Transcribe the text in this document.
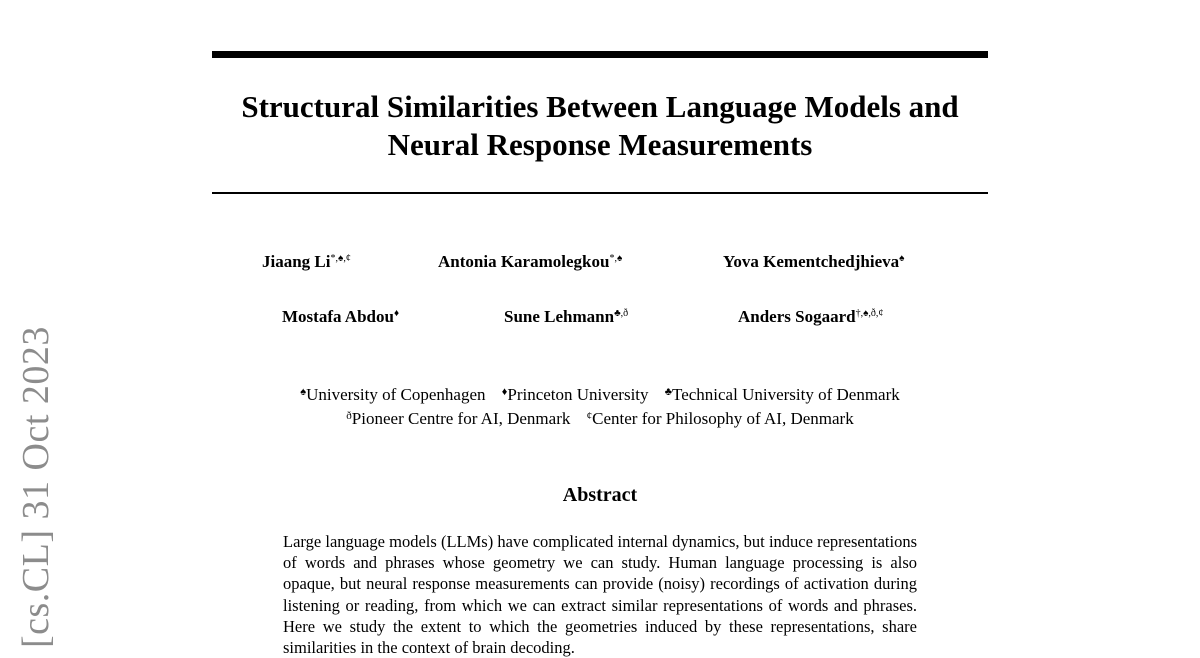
[cs.CL] 31 Oct 2023
Structural Similarities Between Language Models and Neural Response Measurements
Jiaang Li*,♠,¢	Antonia Karamolegkou*,♠	Yova Kementchedjhieva♠
Mostafa Abdou♦	Sune Lehmann$^{♣,ð}$	Anders Sogaard$^{\dagger,♠,ð,¢}$
♠University of Copenhagen ♦Princeton University ♣Technical University of Denmark
$^ð$Pioneer Centre for AI, Denmark ¢Center for Philosophy of AI, Denmark
Abstract

Large language models (LLMs) have complicated internal dynamics, but induce representations of words and phrases whose geometry we can study. Human language processing is also opaque, but neural response measurements can provide (noisy) recordings of activation during listening or reading, from which we can extract similar representations of words and phrases. Here we study the extent to which the geometries induced by these representations, share similarities in the context of brain decoding.
